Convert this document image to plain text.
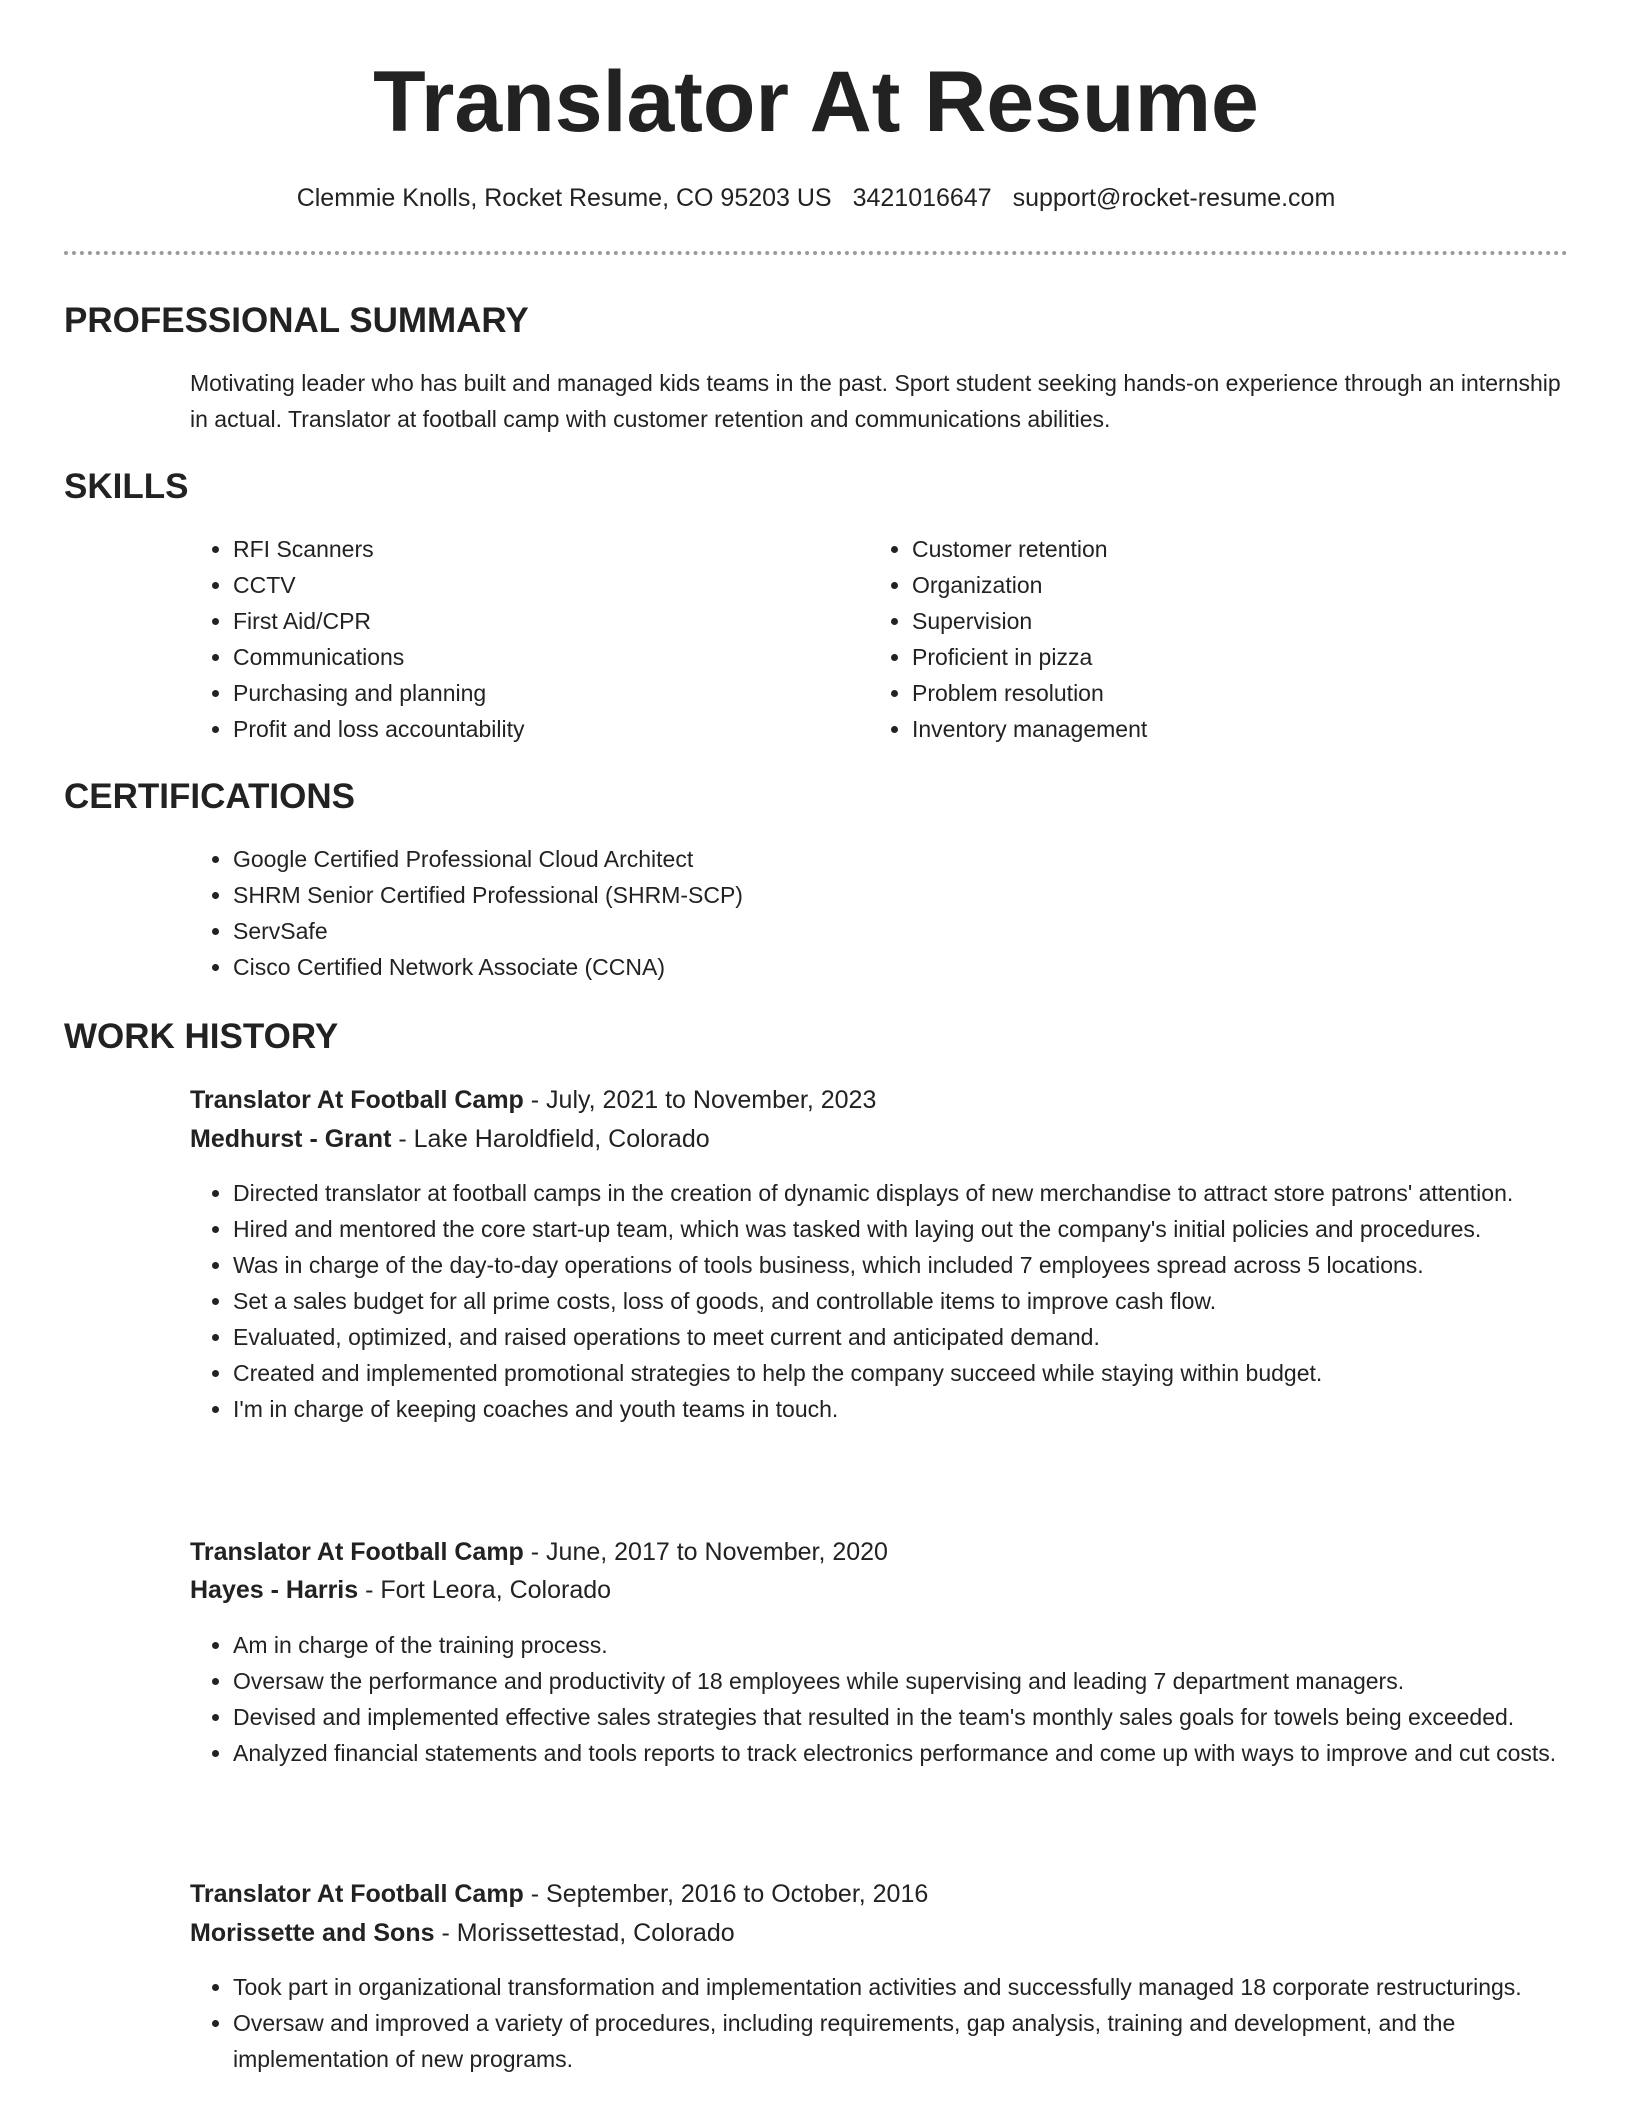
Translator At Resume
Clemmie Knolls, Rocket Resume, CO 95203 US 3421016647 support@rocket-resume.com
PROFESSIONAL SUMMARY

Motivating leader who has built and managed kids teams in the past. Sport student seeking hands-on experience through an internship in actual. Translator at football camp with customer retention and communications abilities.

SKILLS
• RFI Scanners
• CCTV
• First Aid/CPR
• Communications
• Purchasing and planning
• Profit and loss accountability
• Customer retention
• Organization
• Supervision
• Proficient in pizza
• Problem resolution
• Inventory management
CERTIFICATIONS
• Google Certified Professional Cloud Architect
• SHRM Senior Certified Professional (SHRM-SCP)
• ServSafe
• Cisco Certified Network Associate (CCNA)
WORK HISTORY
Translator At Football Camp - July, 2021 to November, 2023
Medhurst - Grant - Lake Haroldfield, Colorado
• Directed translator at football camps in the creation of dynamic displays of new merchandise to attract store patrons' attention.
• Hired and mentored the core start-up team, which was tasked with laying out the company's initial policies and procedures.
• Was in charge of the day-to-day operations of tools business, which included 7 employees spread across 5 locations.
• Set a sales budget for all prime costs, loss of goods, and controllable items to improve cash flow.
• Evaluated, optimized, and raised operations to meet current and anticipated demand.
• Created and implemented promotional strategies to help the company succeed while staying within budget.
• I'm in charge of keeping coaches and youth teams in touch.
Translator At Football Camp - June, 2017 to November, 2020
Hayes - Harris - Fort Leora, Colorado
• Am in charge of the training process.
• Oversaw the performance and productivity of 18 employees while supervising and leading 7 department managers.
• Devised and implemented effective sales strategies that resulted in the team's monthly sales goals for towels being exceeded.
• Analyzed financial statements and tools reports to track electronics performance and come up with ways to improve and cut costs.
Translator At Football Camp - September, 2016 to October, 2016
Morissette and Sons - Morissettestad, Colorado
• Took part in organizational transformation and implementation activities and successfully managed 18 corporate restructurings.
• Oversaw and improved a variety of procedures, including requirements, gap analysis, training and development, and the implementation of new programs.
